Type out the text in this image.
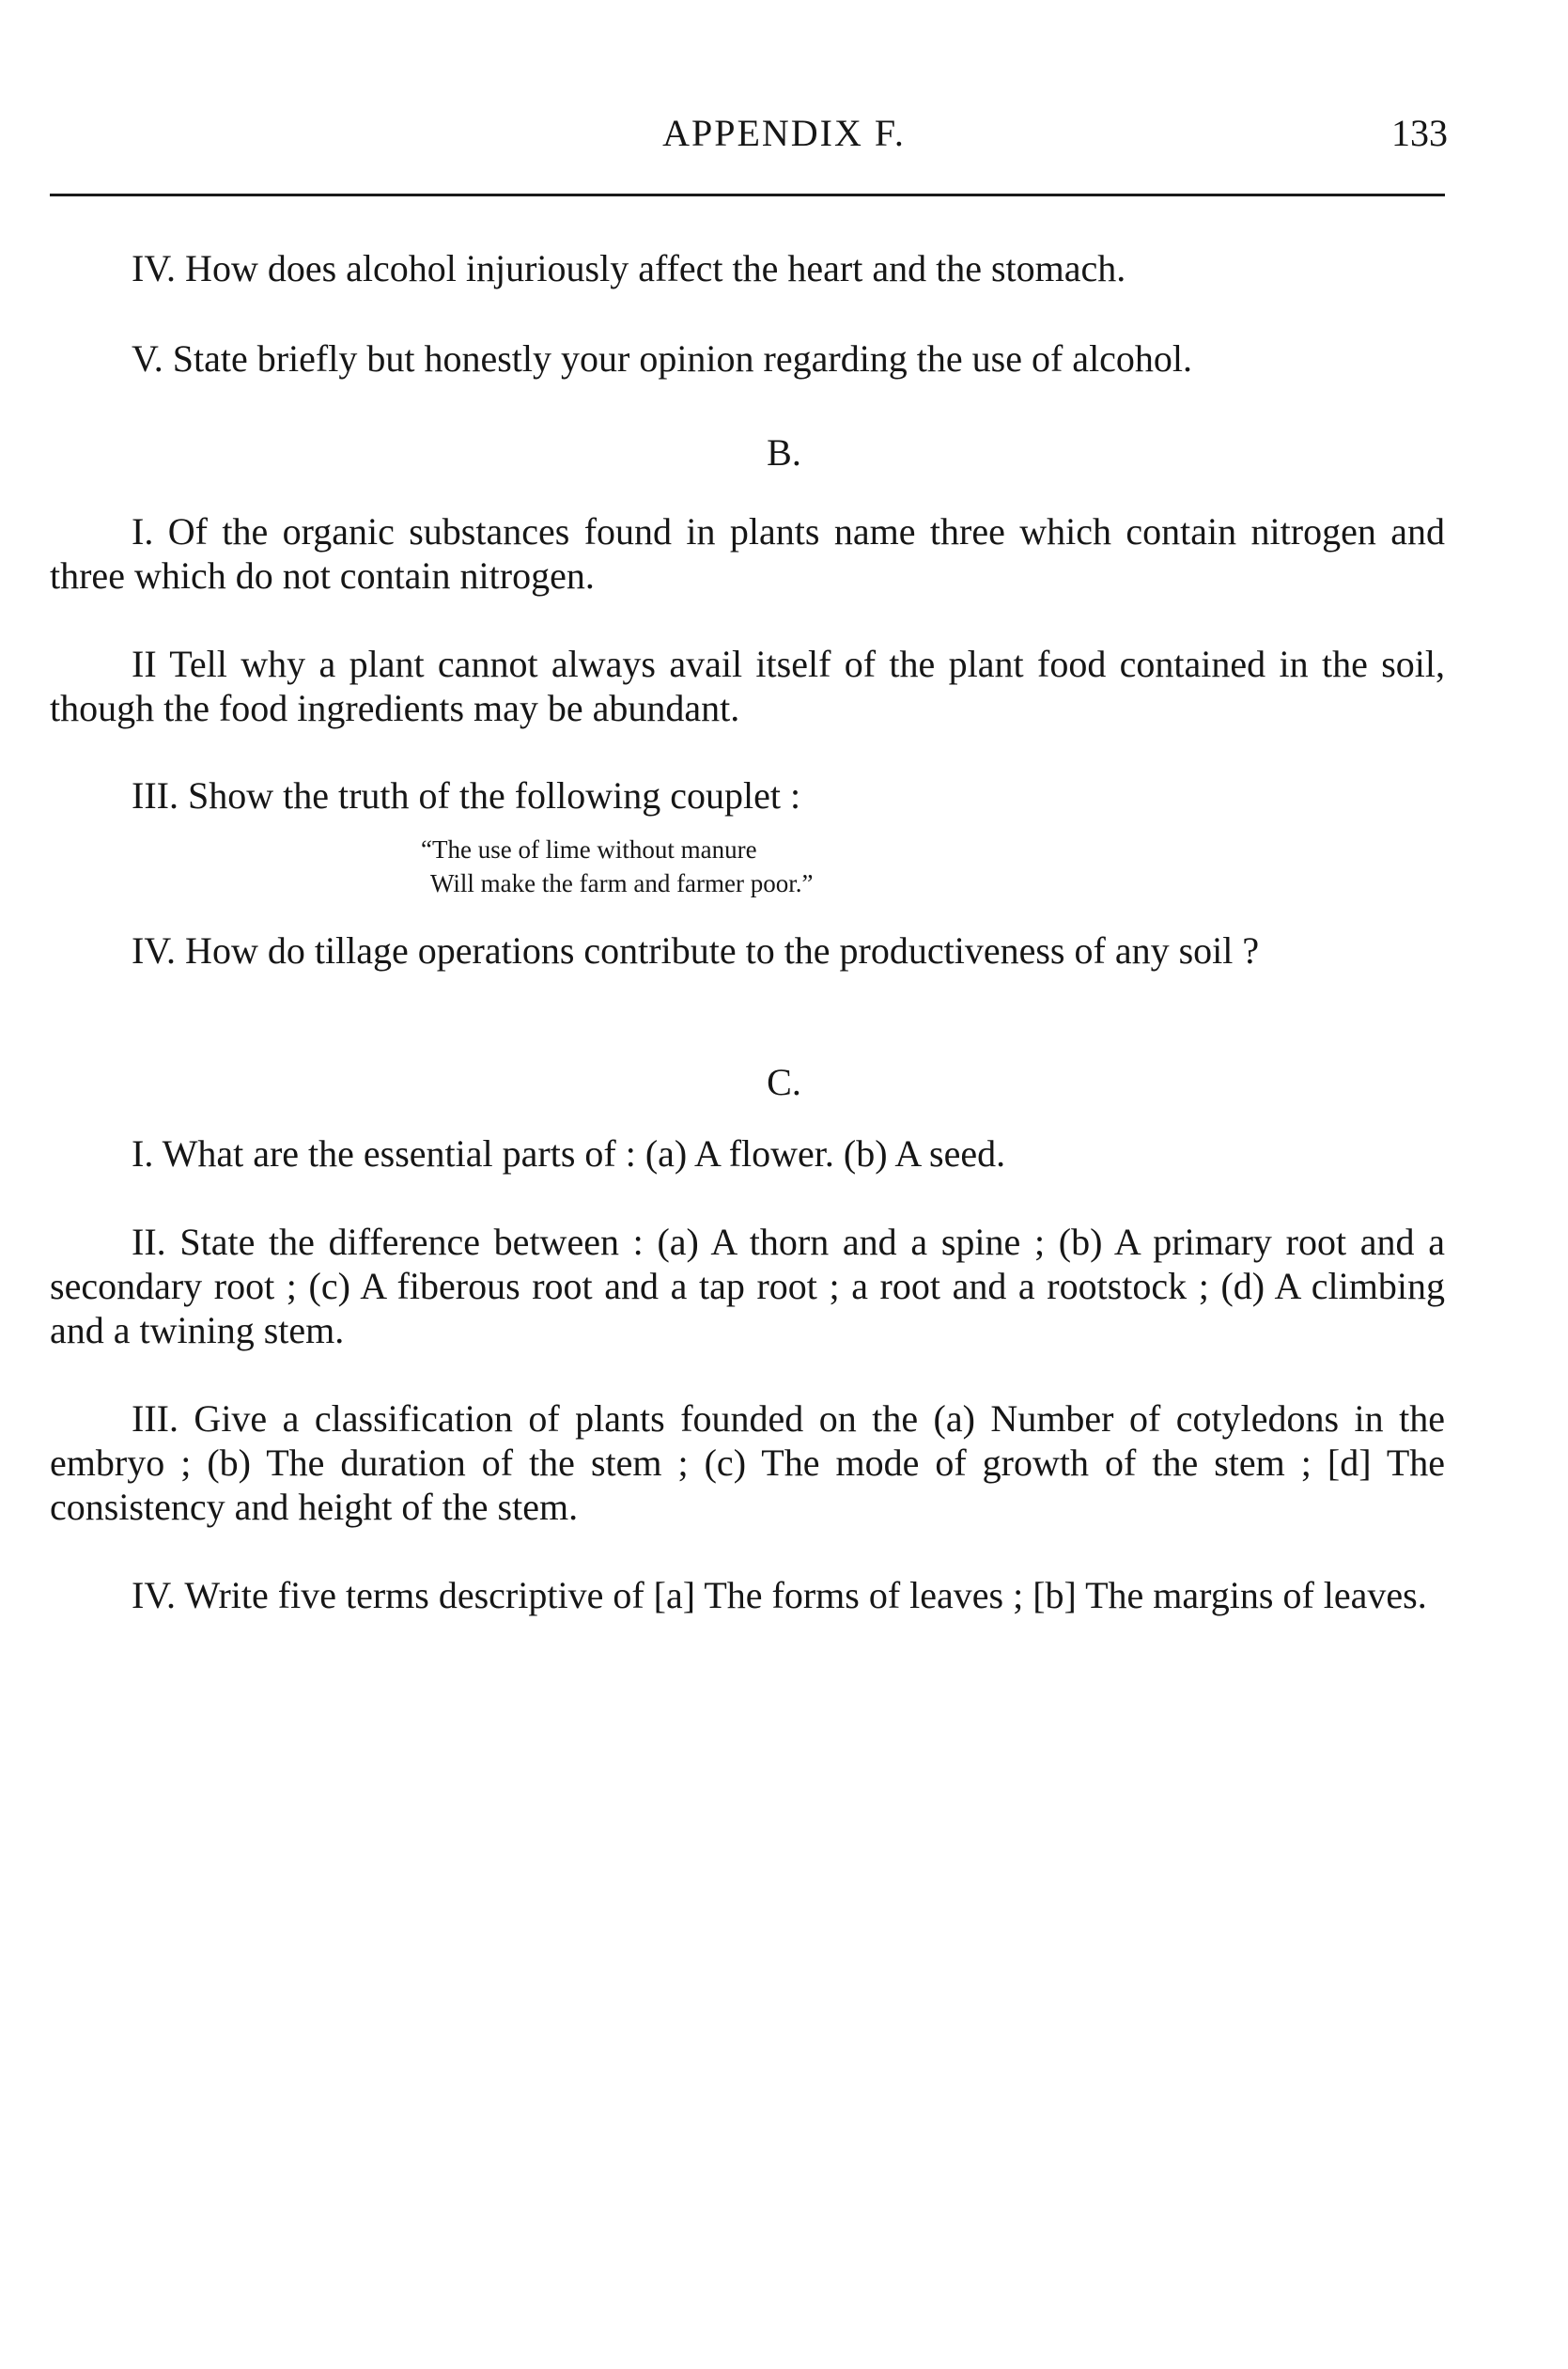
APPENDIX F.	133
IV. How does alcohol injuriously affect the heart and the stomach.
V. State briefly but honestly your opinion regarding the use of alcohol.
B.
I. Of the organic substances found in plants name three which contain nitrogen and three which do not contain nitrogen.
II Tell why a plant cannot always avail itself of the plant food contained in the soil, though the food ingredients may be abundant.
III. Show the truth of the following couplet :
“The use of lime without manure
Will make the farm and farmer poor.”
IV. How do tillage operations contribute to the productiveness of any soil ?
C.
I. What are the essential parts of : (a) A flower. (b) A seed.
II. State the difference between : (a) A thorn and a spine ; (b) A primary root and a secondary root ; (c) A fiberous root and a tap root ; a root and a rootstock ; (d) A climbing and a twining stem.
III. Give a classification of plants founded on the (a) Number of cotyledons in the embryo ; (b) The duration of the stem ; (c) The mode of growth of the stem ; [d] The consistency and height of the stem.
IV. Write five terms descriptive of [a] The forms of leaves ; [b] The margins of leaves.
